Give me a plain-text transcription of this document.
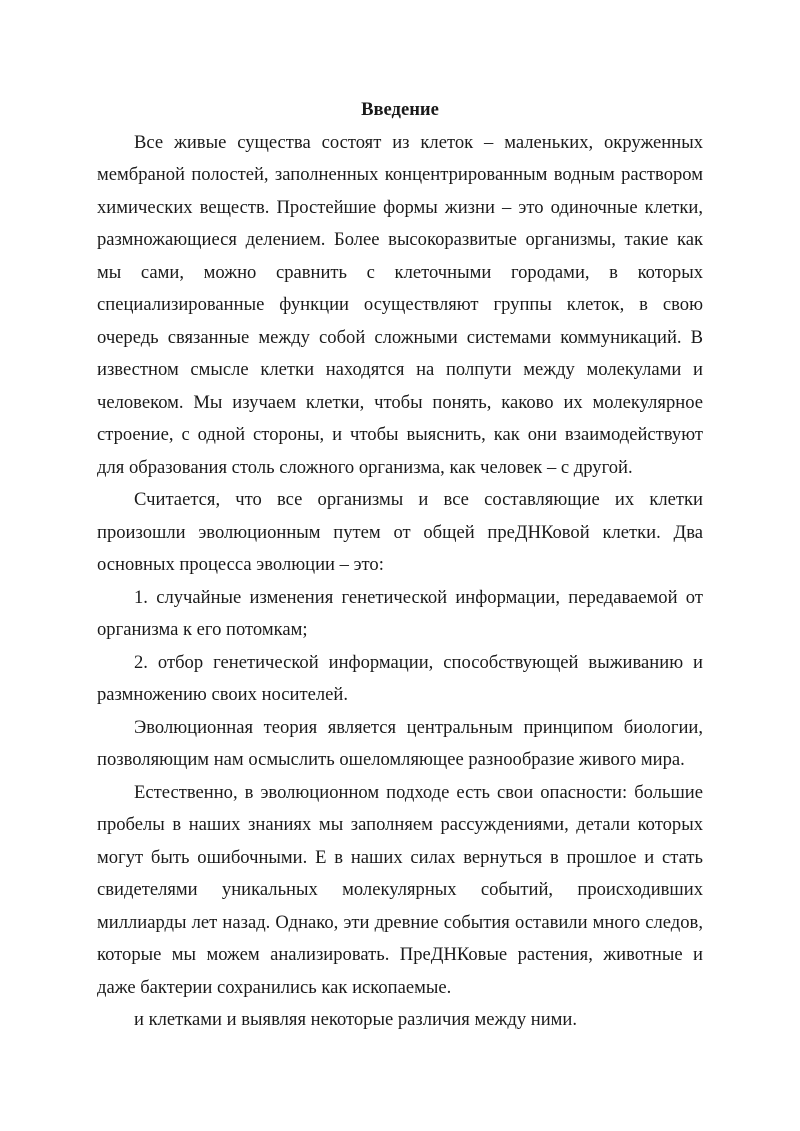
Введение

Все живые существа состоят из клеток – маленьких, окруженных мембраной полостей, заполненных концентрированным водным раствором химических веществ. Простейшие формы жизни – это одиночные клетки, размножающиеся делением. Более высокоразвитые организмы, такие как мы сами, можно сравнить с клеточными городами, в которых специализированные функции осуществляют группы клеток, в свою очередь связанные между собой сложными системами коммуникаций. В известном смысле клетки находятся на полпути между молекулами и человеком. Мы изучаем клетки, чтобы понять, каково их молекулярное строение, с одной стороны, и чтобы выяснить, как они взаимодействуют для образования столь сложного организма, как человек – с другой.

Считается, что все организмы и все составляющие их клетки произошли эволюционным путем от общей преДНКовой клетки. Два основных процесса эволюции – это:

1. случайные изменения генетической информации, передаваемой от организма к его потомкам;

2. отбор генетической информации, способствующей выживанию и размножению своих носителей.

Эволюционная теория является центральным принципом биологии, позволяющим нам осмыслить ошеломляющее разнообразие живого мира.

Естественно, в эволюционном подходе есть свои опасности: большие пробелы в наших знаниях мы заполняем рассуждениями, детали которых могут быть ошибочными. Е в наших силах вернуться в прошлое и стать свидетелями уникальных молекулярных событий, происходивших миллиарды лет назад. Однако, эти древние события оставили много следов, которые мы можем анализировать. ПреДНКовые растения, животные и даже бактерии сохранились как ископаемые.

и клетками и выявляя некоторые различия между ними.
